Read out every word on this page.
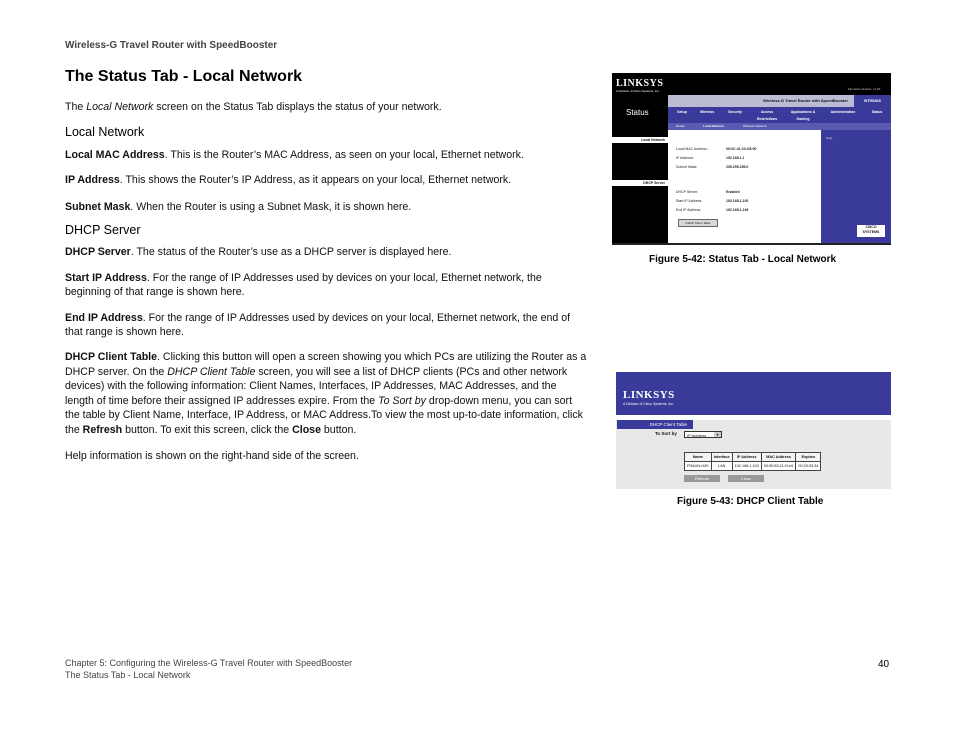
Wireless-G Travel Router with SpeedBooster
The Status Tab - Local Network

The Local Network screen on the Status Tab displays the status of your network.

Local Network

Local MAC Address. This is the Router’s MAC Address, as seen on your local, Ethernet network.

IP Address. This shows the Router’s IP Address, as it appears on your local, Ethernet network.

Subnet Mask. When the Router is using a Subnet Mask, it is shown here.

DHCP Server

DHCP Server. The status of the Router’s use as a DHCP server is displayed here.

Start IP Address. For the range of IP Addresses used by devices on your local, Ethernet network, the beginning of that range is shown here.

End IP Address. For the range of IP Addresses used by devices on your local, Ethernet network, the end of that range is shown here.

DHCP Client Table. Clicking this button will open a screen showing you which PCs are utilizing the Router as a DHCP server. On the DHCP Client Table screen, you will see a list of DHCP clients (PCs and other network devices) with the following information: Client Names, Interfaces, IP Addresses, MAC Addresses, and the length of time before their assigned IP addresses expire. From the To Sort by drop-down menu, you can sort the table by Client Name, Interface, IP Address, or MAC Address.To view the most up-to-date information, click the Refresh button. To exit this screen, click the Close button.

Help information is shown on the right-hand side of the screen.

LINKSYS
A Division of Cisco Systems, Inc.	Firmware Version: v1.00
Status
Wireless-G Travel Router with SpeedBooster	WTR54GS
Setup	Wireless	Security	Access Restrictions
Applications & Gaming
Administration	Status
Router	Local Network	Wireless Network
Local Network
DHCP Server
Local MAC Address:	00:0C:41:23:C8:00
IP Address:	192.168.1.1
Subnet Mask:	255.255.255.0
DHCP Server:	Enabled
Start IP Address:	192.168.1.100
End IP Address:	192.168.1.149
DHCP Client Table
Help...
CISCO SYSTEMS
Figure 5-42: Status Tab - Local Network
LINKSYS
A Division of Cisco Systems, Inc.
DHCP Client Table
To Sort by	IP Address	▾
Name	Interface	IP Address	MAC Address	Expires
FRAUN-H2K	LAN	192.168.1.100	00:50:83:21:f1:e9	00:23:53:34
Refresh	Close
Figure 5-43: DHCP Client Table
Chapter 5: Configuring the Wireless-G Travel Router with SpeedBooster
The Status Tab - Local Network
40
